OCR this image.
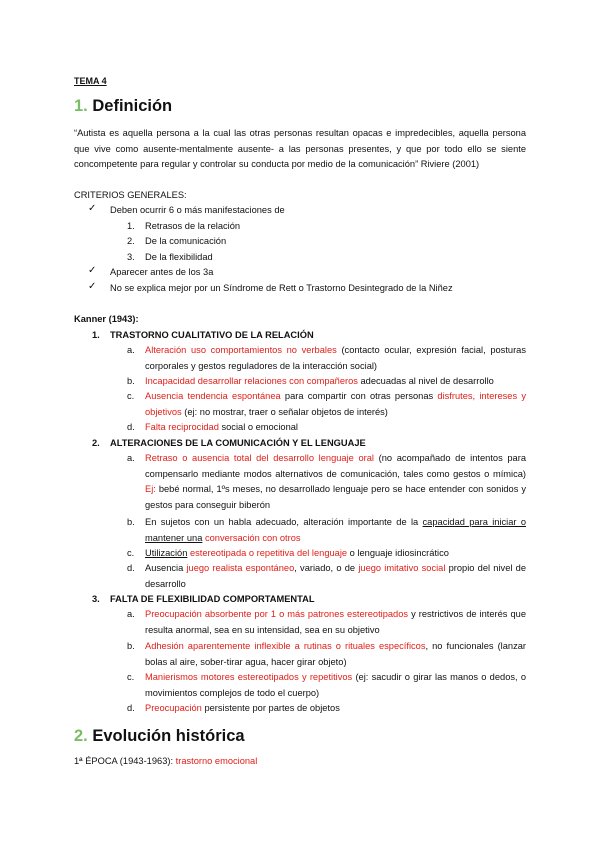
TEMA 4
1. Definición
“Autista es aquella persona a la cual las otras personas resultan opacas e impredecibles, aquella persona que vive como ausente-mentalmente ausente- a las personas presentes, y que por todo ello se siente concompetente para regular y controlar su conducta por medio de la comunicación” Riviere (2001)
CRITERIOS GENERALES:
✓ Deben ocurrir 6 o más manifestaciones de
1. Retrasos de la relación
2. De la comunicación
3. De la flexibilidad
✓ Aparecer antes de los 3a
✓ No se explica mejor por un Síndrome de Rett o Trastorno Desintegrado de la Niñez
Kanner (1943):
1. TRASTORNO CUALITATIVO DE LA RELACIÓN
a. Alteración uso comportamientos no verbales (contacto ocular, expresión facial, posturas corporales y gestos reguladores de la interacción social)
b. Incapacidad desarrollar relaciones con compañeros adecuadas al nivel de desarrollo
c. Ausencia tendencia espontánea para compartir con otras personas disfrutes, intereses y objetivos (ej: no mostrar, traer o señalar objetos de interés)
d. Falta reciprocidad social o emocional
2. ALTERACIONES DE LA COMUNICACIÓN Y EL LENGUAJE
a. Retraso o ausencia total del desarrollo lenguaje oral (no acompañado de intentos para compensarlo mediante modos alternativos de comunicación, tales como gestos o mímica) Ej: bebé normal, 1ºs meses, no desarrollado lenguaje pero se hace entender con sonidos y gestos para conseguir biberón
b. En sujetos con un habla adecuado, alteración importante de la capacidad para iniciar o mantener una conversación con otros
c. Utilización estereotipada o repetitiva del lenguaje o lenguaje idiosincrático
d. Ausencia juego realista espontáneo, variado, o de juego imitativo social propio del nivel de desarrollo
3. FALTA DE FLEXIBILIDAD COMPORTAMENTAL
a. Preocupación absorbente por 1 o más patrones estereotipados y restrictivos de interés que resulta anormal, sea en su intensidad, sea en su objetivo
b. Adhesión aparentemente inflexible a rutinas o rituales específicos, no funcionales (lanzar bolas al aire, sober-tirar agua, hacer girar objeto)
c. Manierismos motores estereotipados y repetitivos (ej: sacudir o girar las manos o dedos, o movimientos complejos de todo el cuerpo)
d. Preocupación persistente por partes de objetos
2. Evolución histórica
1ª ÉPOCA (1943-1963): trastorno emocional
